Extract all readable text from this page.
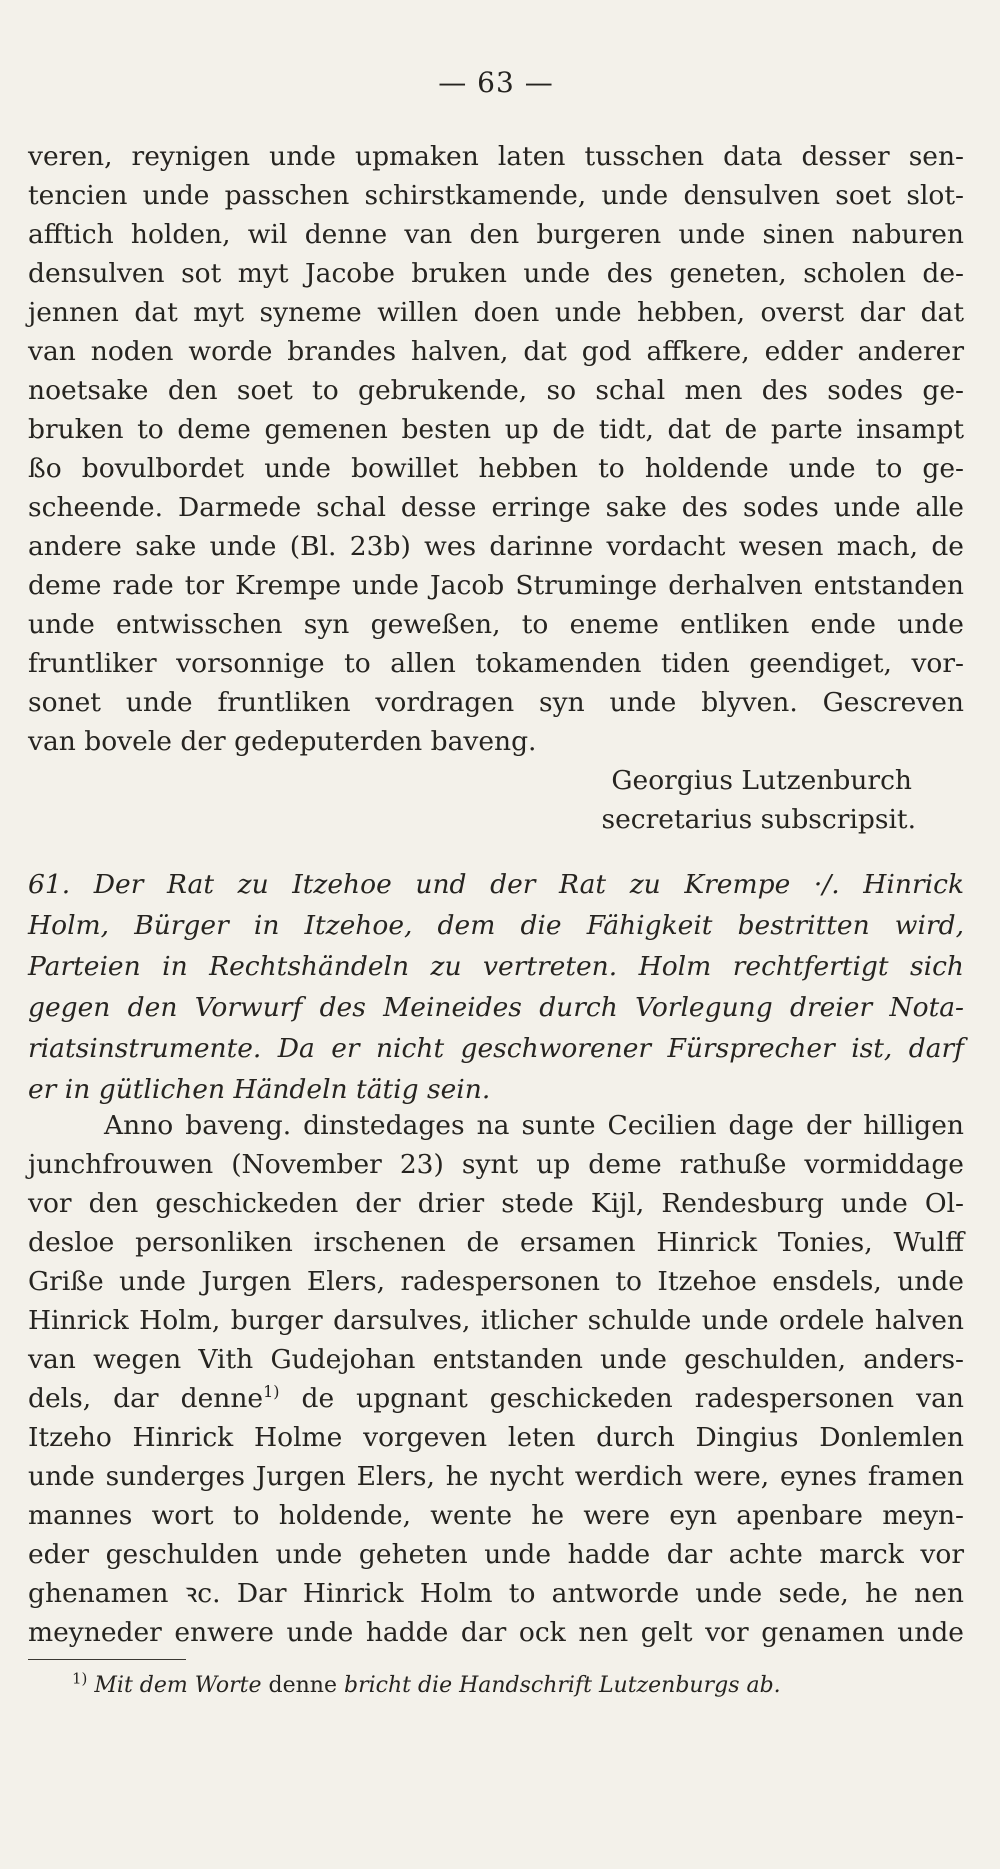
— 63 —
veren, reynigen unde upmaken laten tusschen data desser sen-
tencien unde passchen schirstkamende, unde densulven soet slot-
afftich holden, wil denne van den burgeren unde sinen naburen
densulven sot myt Jacobe bruken unde des geneten, scholen de-
jennen dat myt syneme willen doen unde hebben, overst dar dat
van noden worde brandes halven, dat god affkere, edder anderer
noetsake den soet to gebrukende, so schal men des sodes ge-
bruken to deme gemenen besten up de tidt, dat de parte insampt
ßo bovulbordet unde bowillet hebben to holdende unde to ge-
scheende. Darmede schal desse erringe sake des sodes unde alle
andere sake unde (Bl. 23b) wes darinne vordacht wesen mach, de
deme rade tor Krempe unde Jacob Struminge derhalven entstanden
unde entwisschen syn geweßen, to eneme entliken ende unde
fruntliker vorsonnige to allen tokamenden tiden geendiget, vor-
sonet unde fruntliken vordragen syn unde blyven. Gescreven
van bovele der gedeputerden baveng.
Georgius Lutzenburch
secretarius subscripsit.
61. Der Rat zu Itzehoe und der Rat zu Krempe ·/. Hinrick
Holm, Bürger in Itzehoe, dem die Fähigkeit bestritten wird,
Parteien in Rechtshändeln zu vertreten. Holm rechtfertigt sich
gegen den Vorwurf des Meineides durch Vorlegung dreier Nota-
riatsinstrumente. Da er nicht geschworener Fürsprecher ist, darf
er in gütlichen Händeln tätig sein.
Anno baveng. dinstedages na sunte Cecilien dage der hilligen
junchfrouwen (November 23) synt up deme rathuße vormiddage
vor den geschickeden der drier stede Kijl, Rendesburg unde Ol-
desloe personliken irschenen de ersamen Hinrick Tonies, Wulff
Griße unde Jurgen Elers, radespersonen to Itzehoe ensdels, unde
Hinrick Holm, burger darsulves, itlicher schulde unde ordele halven
van wegen Vith Gudejohan entstanden unde geschulden, anders-
dels, dar denne$^{1)}$ de upgnant geschickeden radespersonen van
Itzeho Hinrick Holme vorgeven leten durch Dingius Donlemlen
unde sunderges Jurgen Elers, he nycht werdich were, eynes framen
mannes wort to holdende, wente he were eyn apenbare meyn-
eder geschulden unde geheten unde hadde dar achte marck vor
ghenamen ꝛc. Dar Hinrick Holm to antworde unde sede, he nen
meyneder enwere unde hadde dar ock nen gelt vor genamen unde
$^{1)}$ Mit dem Worte denne bricht die Handschrift Lutzenburgs ab.
